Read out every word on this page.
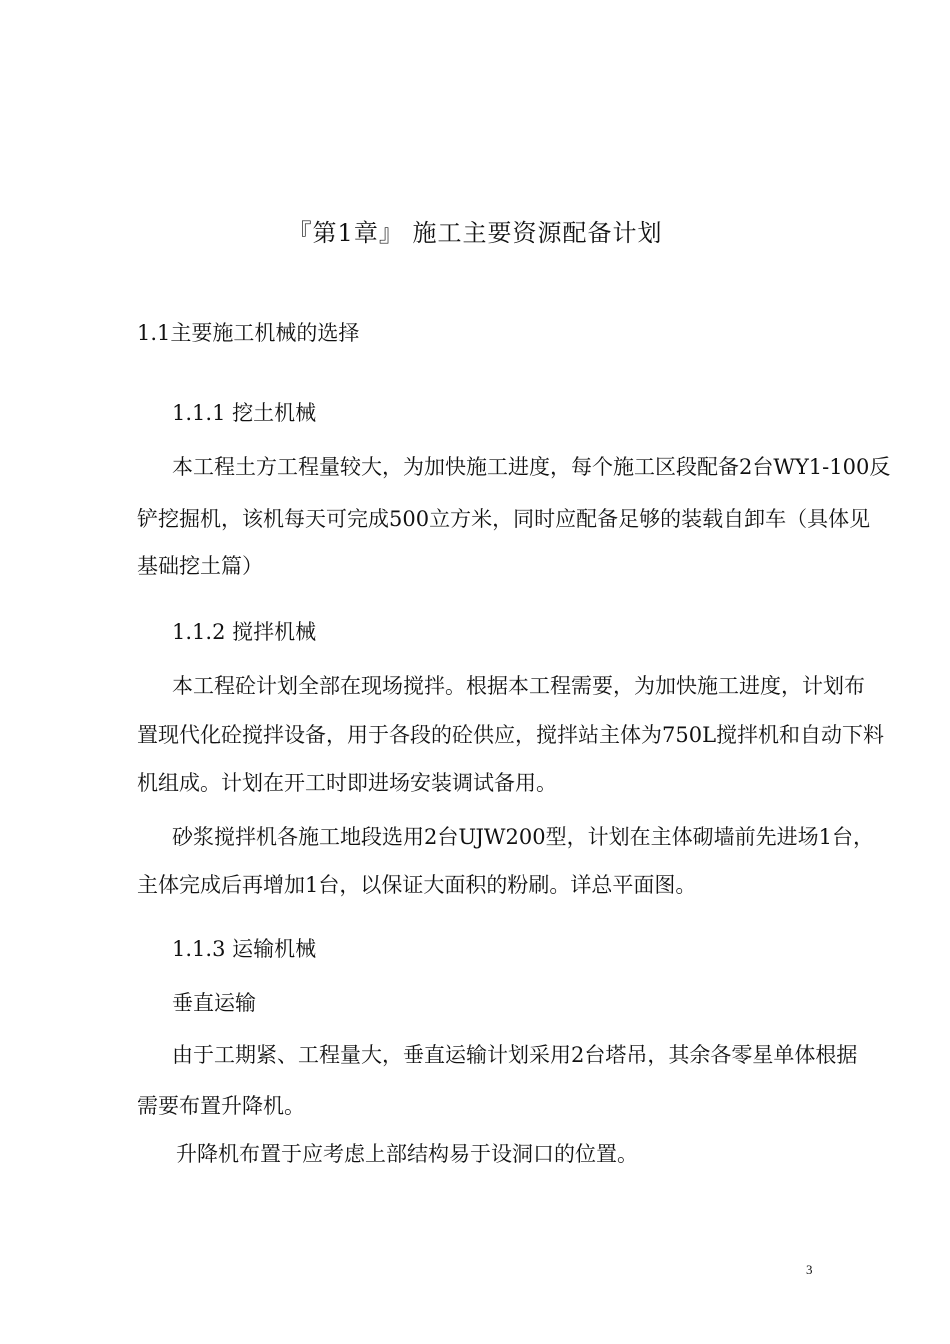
『第1章』 施工主要资源配备计划
1.1主要施工机械的选择
1.1.1 挖土机械
本工程土方工程量较大，为加快施工进度，每个施工区段配备2台WY1-100反
铲挖掘机，该机每天可完成500立方米，同时应配备足够的装载自卸车（具体见
基础挖土篇）
1.1.2 搅拌机械
本工程砼计划全部在现场搅拌。根据本工程需要，为加快施工进度，计划布
置现代化砼搅拌设备，用于各段的砼供应，搅拌站主体为750L搅拌机和自动下料
机组成。计划在开工时即进场安装调试备用。
砂浆搅拌机各施工地段选用2台UJW200型，计划在主体砌墙前先进场1台，
主体完成后再增加1台，以保证大面积的粉刷。详总平面图。
1.1.3 运输机械
垂直运输
由于工期紧、工程量大，垂直运输计划采用2台塔吊，其余各零星单体根据
需要布置升降机。
升降机布置于应考虑上部结构易于设洞口的位置。
3
